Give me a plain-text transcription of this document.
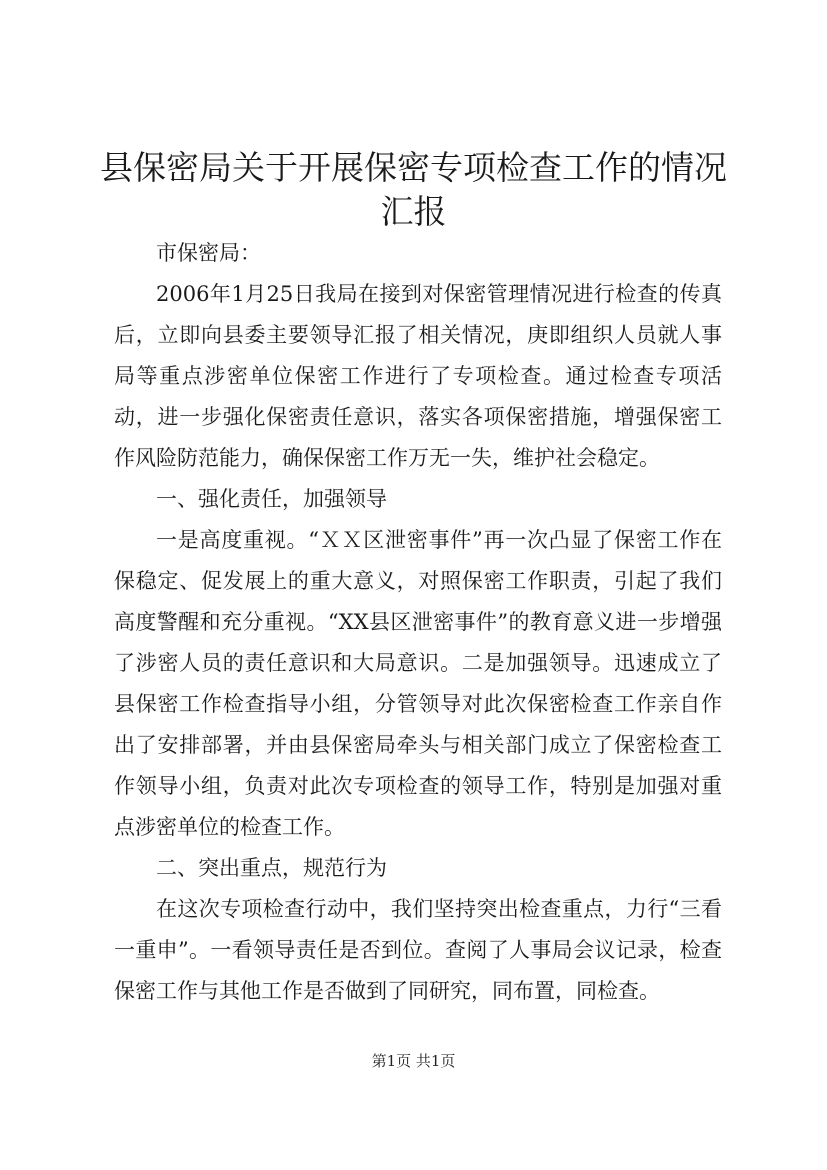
县保密局关于开展保密专项检查工作的情况汇报

市保密局：

2006年1月25日我局在接到对保密管理情况进行检查的传真后，立即向县委主要领导汇报了相关情况，庚即组织人员就人事局等重点涉密单位保密工作进行了专项检查。通过检查专项活动，进一步强化保密责任意识，落实各项保密措施，增强保密工作风险防范能力，确保保密工作万无一失，维护社会稳定。

一、强化责任，加强领导

一是高度重视。“ＸＸ区泄密事件”再一次凸显了保密工作在保稳定、促发展上的重大意义，对照保密工作职责，引起了我们高度警醒和充分重视。“XX县区泄密事件”的教育意义进一步增强了涉密人员的责任意识和大局意识。二是加强领导。迅速成立了县保密工作检查指导小组，分管领导对此次保密检查工作亲自作出了安排部署，并由县保密局牵头与相关部门成立了保密检查工作领导小组，负责对此次专项检查的领导工作，特别是加强对重点涉密单位的检查工作。

二、突出重点，规范行为

在这次专项检查行动中，我们坚持突出检查重点，力行“三看一重申”。一看领导责任是否到位。查阅了人事局会议记录，检查保密工作与其他工作是否做到了同研究，同布置，同检查。

第1页 共1页
